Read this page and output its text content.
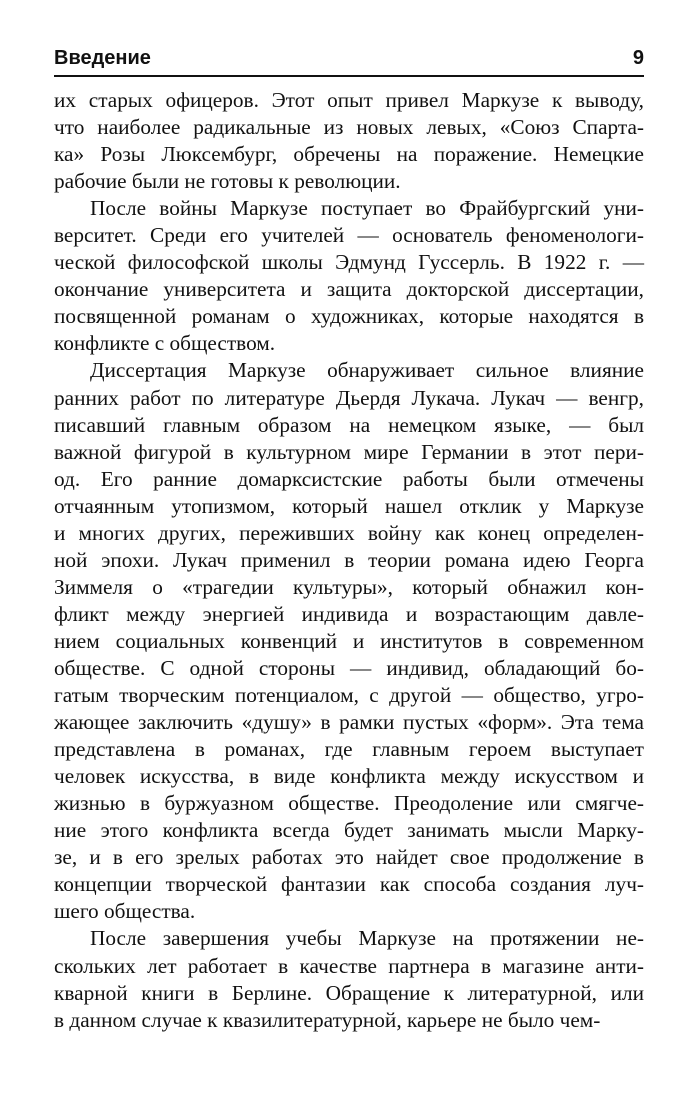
Введение	9
их старых офицеров. Этот опыт привел Маркузе к выводу,
что наиболее радикальные из новых левых, «Союз Спарта-
ка» Розы Люксембург, обречены на поражение. Немецкие
рабочие были не готовы к революции.
После войны Маркузе поступает во Фрайбургский уни-
верситет. Среди его учителей — основатель феноменологи-
ческой философской школы Эдмунд Гуссерль. В 1922 г. —
окончание университета и защита докторской диссертации,
посвященной романам о художниках, которые находятся в
конфликте с обществом.
Диссертация Маркузе обнаруживает сильное влияние
ранних работ по литературе Дьердя Лукача. Лукач — венгр,
писавший главным образом на немецком языке, — был
важной фигурой в культурном мире Германии в этот пери-
од. Его ранние домарксистские работы были отмечены
отчаянным утопизмом, который нашел отклик у Маркузе
и многих других, переживших войну как конец определен-
ной эпохи. Лукач применил в теории романа идею Георга
Зиммеля о «трагедии культуры», который обнажил кон-
фликт между энергией индивида и возрастающим давле-
нием социальных конвенций и институтов в современном
обществе. С одной стороны — индивид, обладающий бо-
гатым творческим потенциалом, с другой — общество, угро-
жающее заключить «душу» в рамки пустых «форм». Эта тема
представлена в романах, где главным героем выступает
человек искусства, в виде конфликта между искусством и
жизнью в буржуазном обществе. Преодоление или смягче-
ние этого конфликта всегда будет занимать мысли Марку-
зе, и в его зрелых работах это найдет свое продолжение в
концепции творческой фантазии как способа создания луч-
шего общества.
После завершения учебы Маркузе на протяжении не-
скольких лет работает в качестве партнера в магазине анти-
кварной книги в Берлине. Обращение к литературной, или
в данном случае к квазилитературной, карьере не было чем-
